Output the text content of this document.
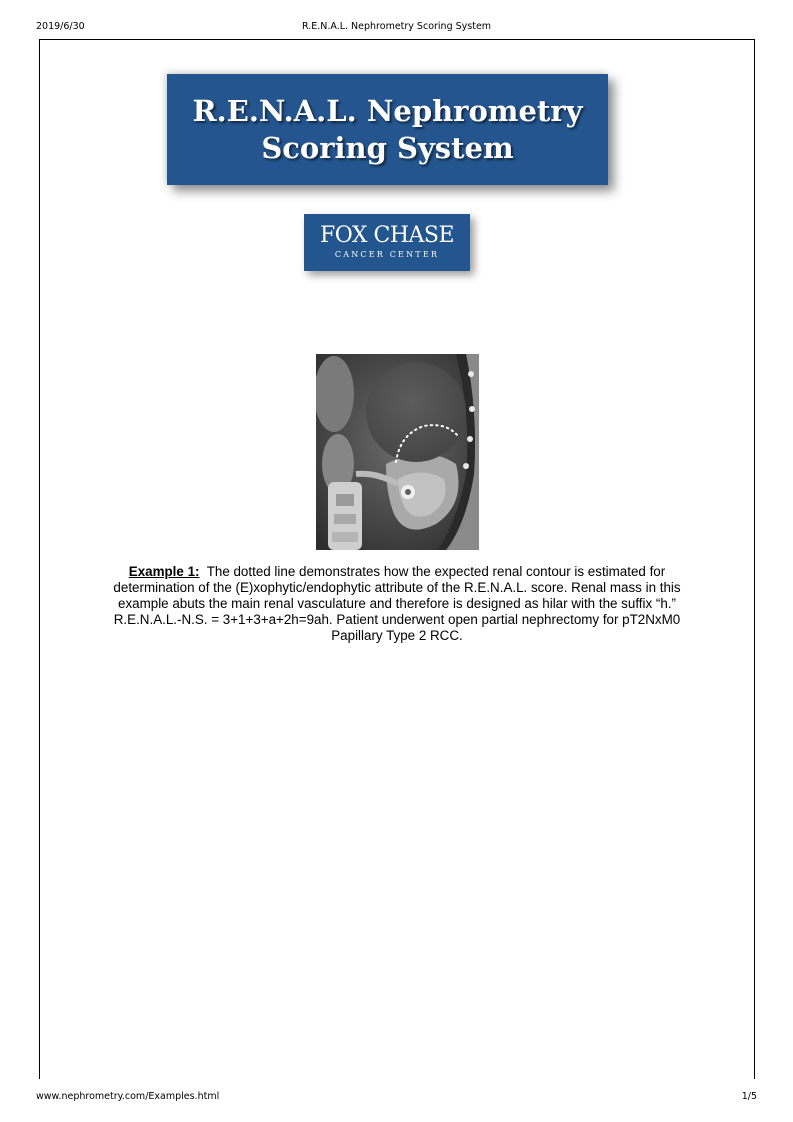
2019/6/30	R.E.N.A.L. Nephrometry Scoring System
R.E.N.A.L. Nephrometry
Scoring System
FOX CHASE
CANCER CENTER
Example 1: The dotted line demonstrates how the expected renal contour is estimated for
determination of the (E)xophytic/endophytic attribute of the R.E.N.A.L. score. Renal mass in this
example abuts the main renal vasculature and therefore is designed as hilar with the suffix “h.”
R.E.N.A.L.-N.S. = 3+1+3+a+2h=9ah. Patient underwent open partial nephrectomy for pT2NxM0
Papillary Type 2 RCC.
www.nephrometry.com/Examples.html	1/5
